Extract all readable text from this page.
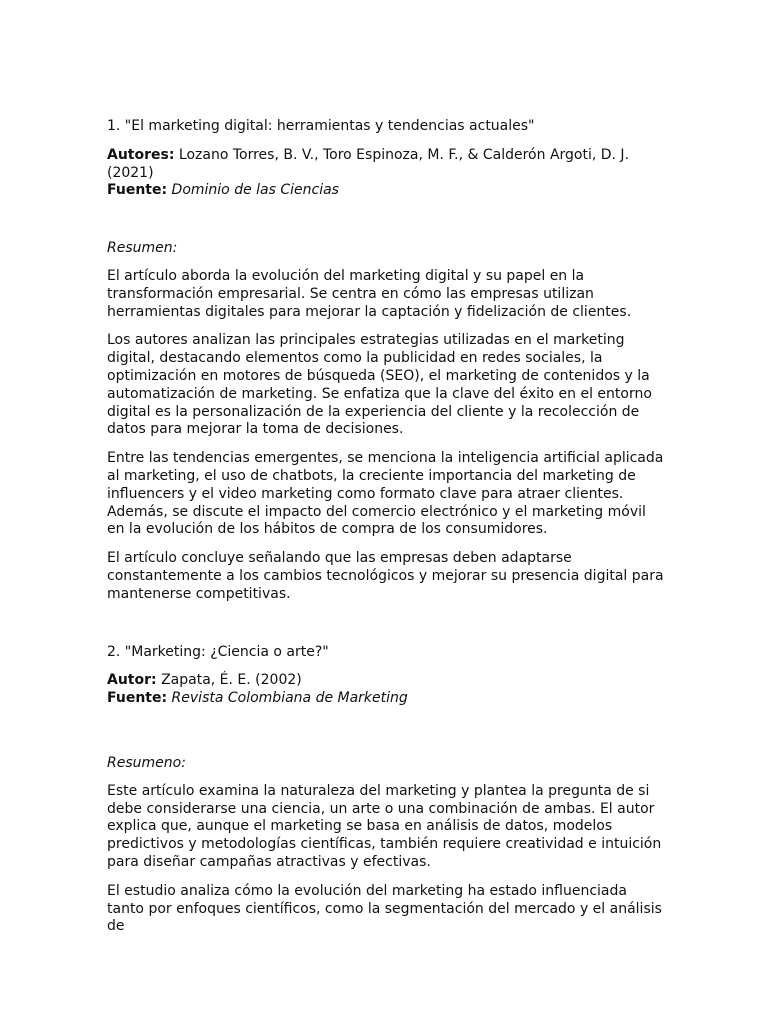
1. "El marketing digital: herramientas y tendencias actuales"

Autores: Lozano Torres, B. V., Toro Espinoza, M. F., & Calderón Argoti, D. J.

(2021)

Fuente: Dominio de las Ciencias

Resumen:

El artículo aborda la evolución del marketing digital y su papel en la transformación empresarial. Se centra en cómo las empresas utilizan herramientas digitales para mejorar la captación y fidelización de clientes.

Los autores analizan las principales estrategias utilizadas en el marketing digital, destacando elementos como la publicidad en redes sociales, la optimización en motores de búsqueda (SEO), el marketing de contenidos y la automatización de marketing. Se enfatiza que la clave del éxito en el entorno digital es la personalización de la experiencia del cliente y la recolección de datos para mejorar la toma de decisiones.

Entre las tendencias emergentes, se menciona la inteligencia artificial aplicada al marketing, el uso de chatbots, la creciente importancia del marketing de influencers y el video marketing como formato clave para atraer clientes. Además, se discute el impacto del comercio electrónico y el marketing móvil en la evolución de los hábitos de compra de los consumidores.

El artículo concluye señalando que las empresas deben adaptarse constantemente a los cambios tecnológicos y mejorar su presencia digital para mantenerse competitivas.

2. "Marketing: ¿Ciencia o arte?"

Autor: Zapata, É. E. (2002)

Fuente: Revista Colombiana de Marketing

Resumeno:

Este artículo examina la naturaleza del marketing y plantea la pregunta de si debe considerarse una ciencia, un arte o una combinación de ambas. El autor explica que, aunque el marketing se basa en análisis de datos, modelos predictivos y metodologías científicas, también requiere creatividad e intuición para diseñar campañas atractivas y efectivas.

El estudio analiza cómo la evolución del marketing ha estado influenciada tanto por enfoques científicos, como la segmentación del mercado y el análisis de
